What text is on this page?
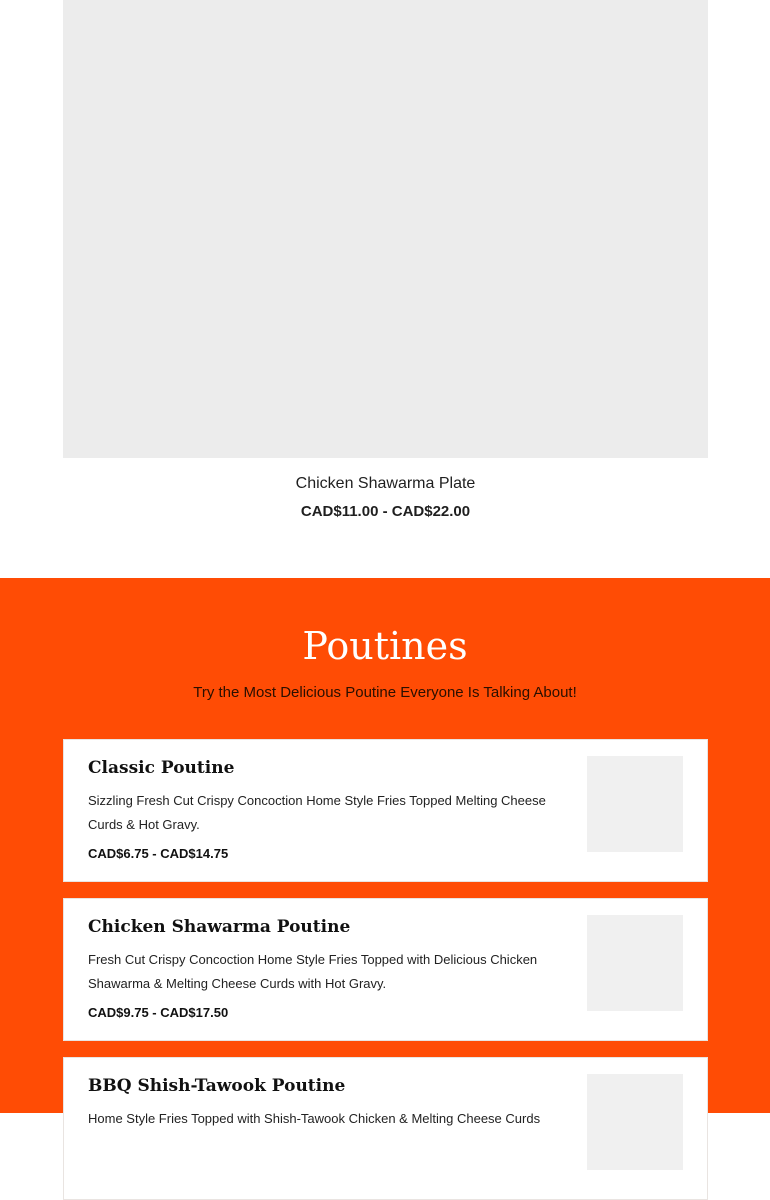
Chicken Shawarma Plate
CAD$11.00 - CAD$22.00
Poutines
Try the Most Delicious Poutine Everyone Is Talking About!
Classic Poutine
Sizzling Fresh Cut Crispy Concoction Home Style Fries Topped Melting Cheese Curds & Hot Gravy.
CAD$6.75 - CAD$14.75
Chicken Shawarma Poutine
Fresh Cut Crispy Concoction Home Style Fries Topped with Delicious Chicken Shawarma & Melting Cheese Curds with Hot Gravy.
CAD$9.75 - CAD$17.50
BBQ Shish-Tawook Poutine
Home Style Fries Topped with Shish-Tawook Chicken & Melting Cheese Curds
